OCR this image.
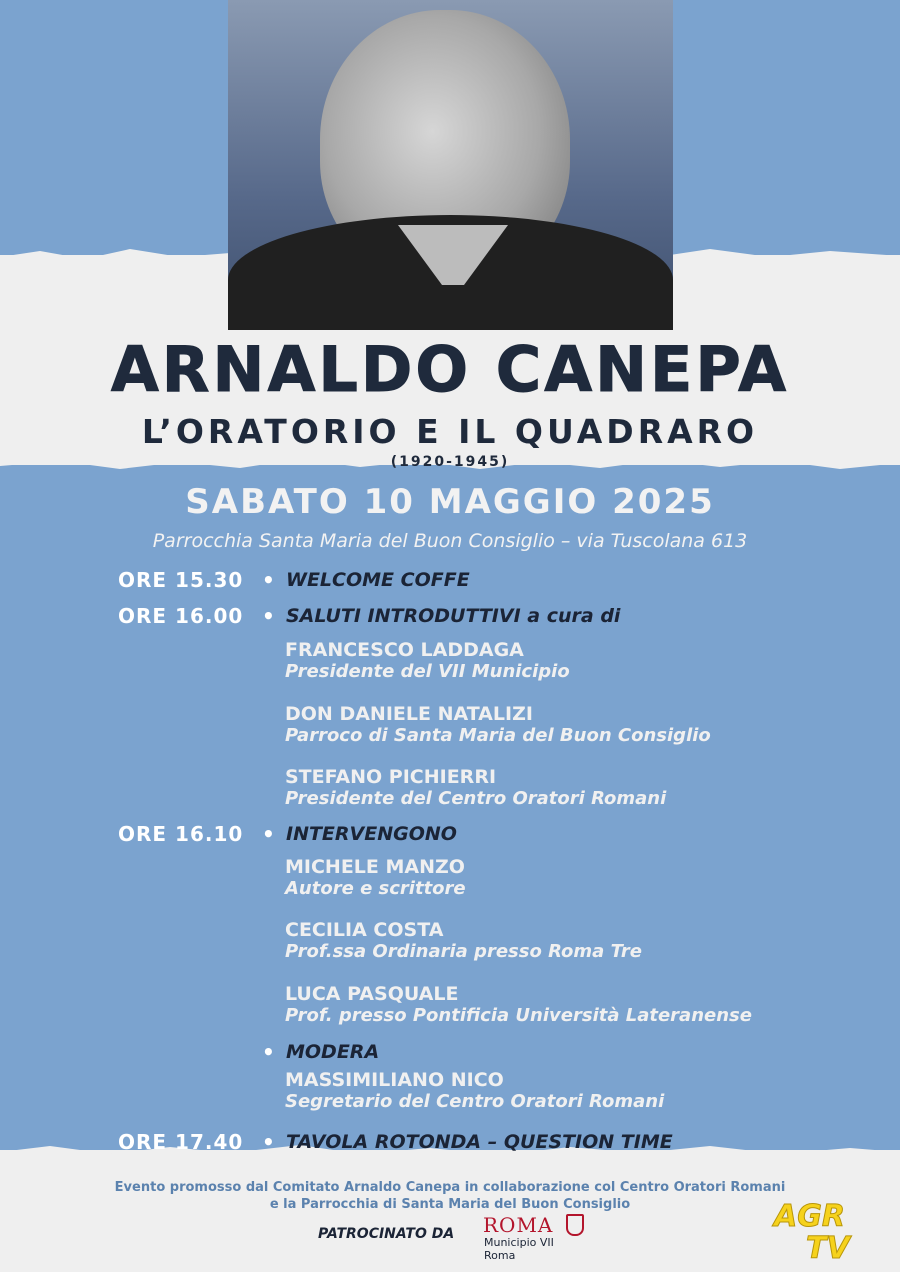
ARNALDO CANEPA
L’ORATORIO E IL QUADRARO
(1920-1945)
SABATO 10 MAGGIO 2025
Parrocchia Santa Maria del Buon Consiglio – via Tuscolana 613
ORE 15.30 • WELCOME COFFE
ORE 16.00 • SALUTI INTRODUTTIVI a cura di
FRANCESCO LADDAGA
Presidente del VII Municipio
DON DANIELE NATALIZI
Parroco di Santa Maria del Buon Consiglio
STEFANO PICHIERRI
Presidente del Centro Oratori Romani
ORE 16.10 • INTERVENGONO
MICHELE MANZO
Autore e scrittore
CECILIA COSTA
Prof.ssa Ordinaria presso Roma Tre
LUCA PASQUALE
Prof. presso Pontificia Università Lateranense
• MODERA
MASSIMILIANO NICO
Segretario del Centro Oratori Romani
ORE 17.40 • TAVOLA ROTONDA – QUESTION TIME
Evento promosso dal Comitato Arnaldo Canepa in collaborazione col Centro Oratori Romani
e la Parrocchia di Santa Maria del Buon Consiglio
PATROCINATO DA ROMA
Municipio VII
Roma
AGR
TV
